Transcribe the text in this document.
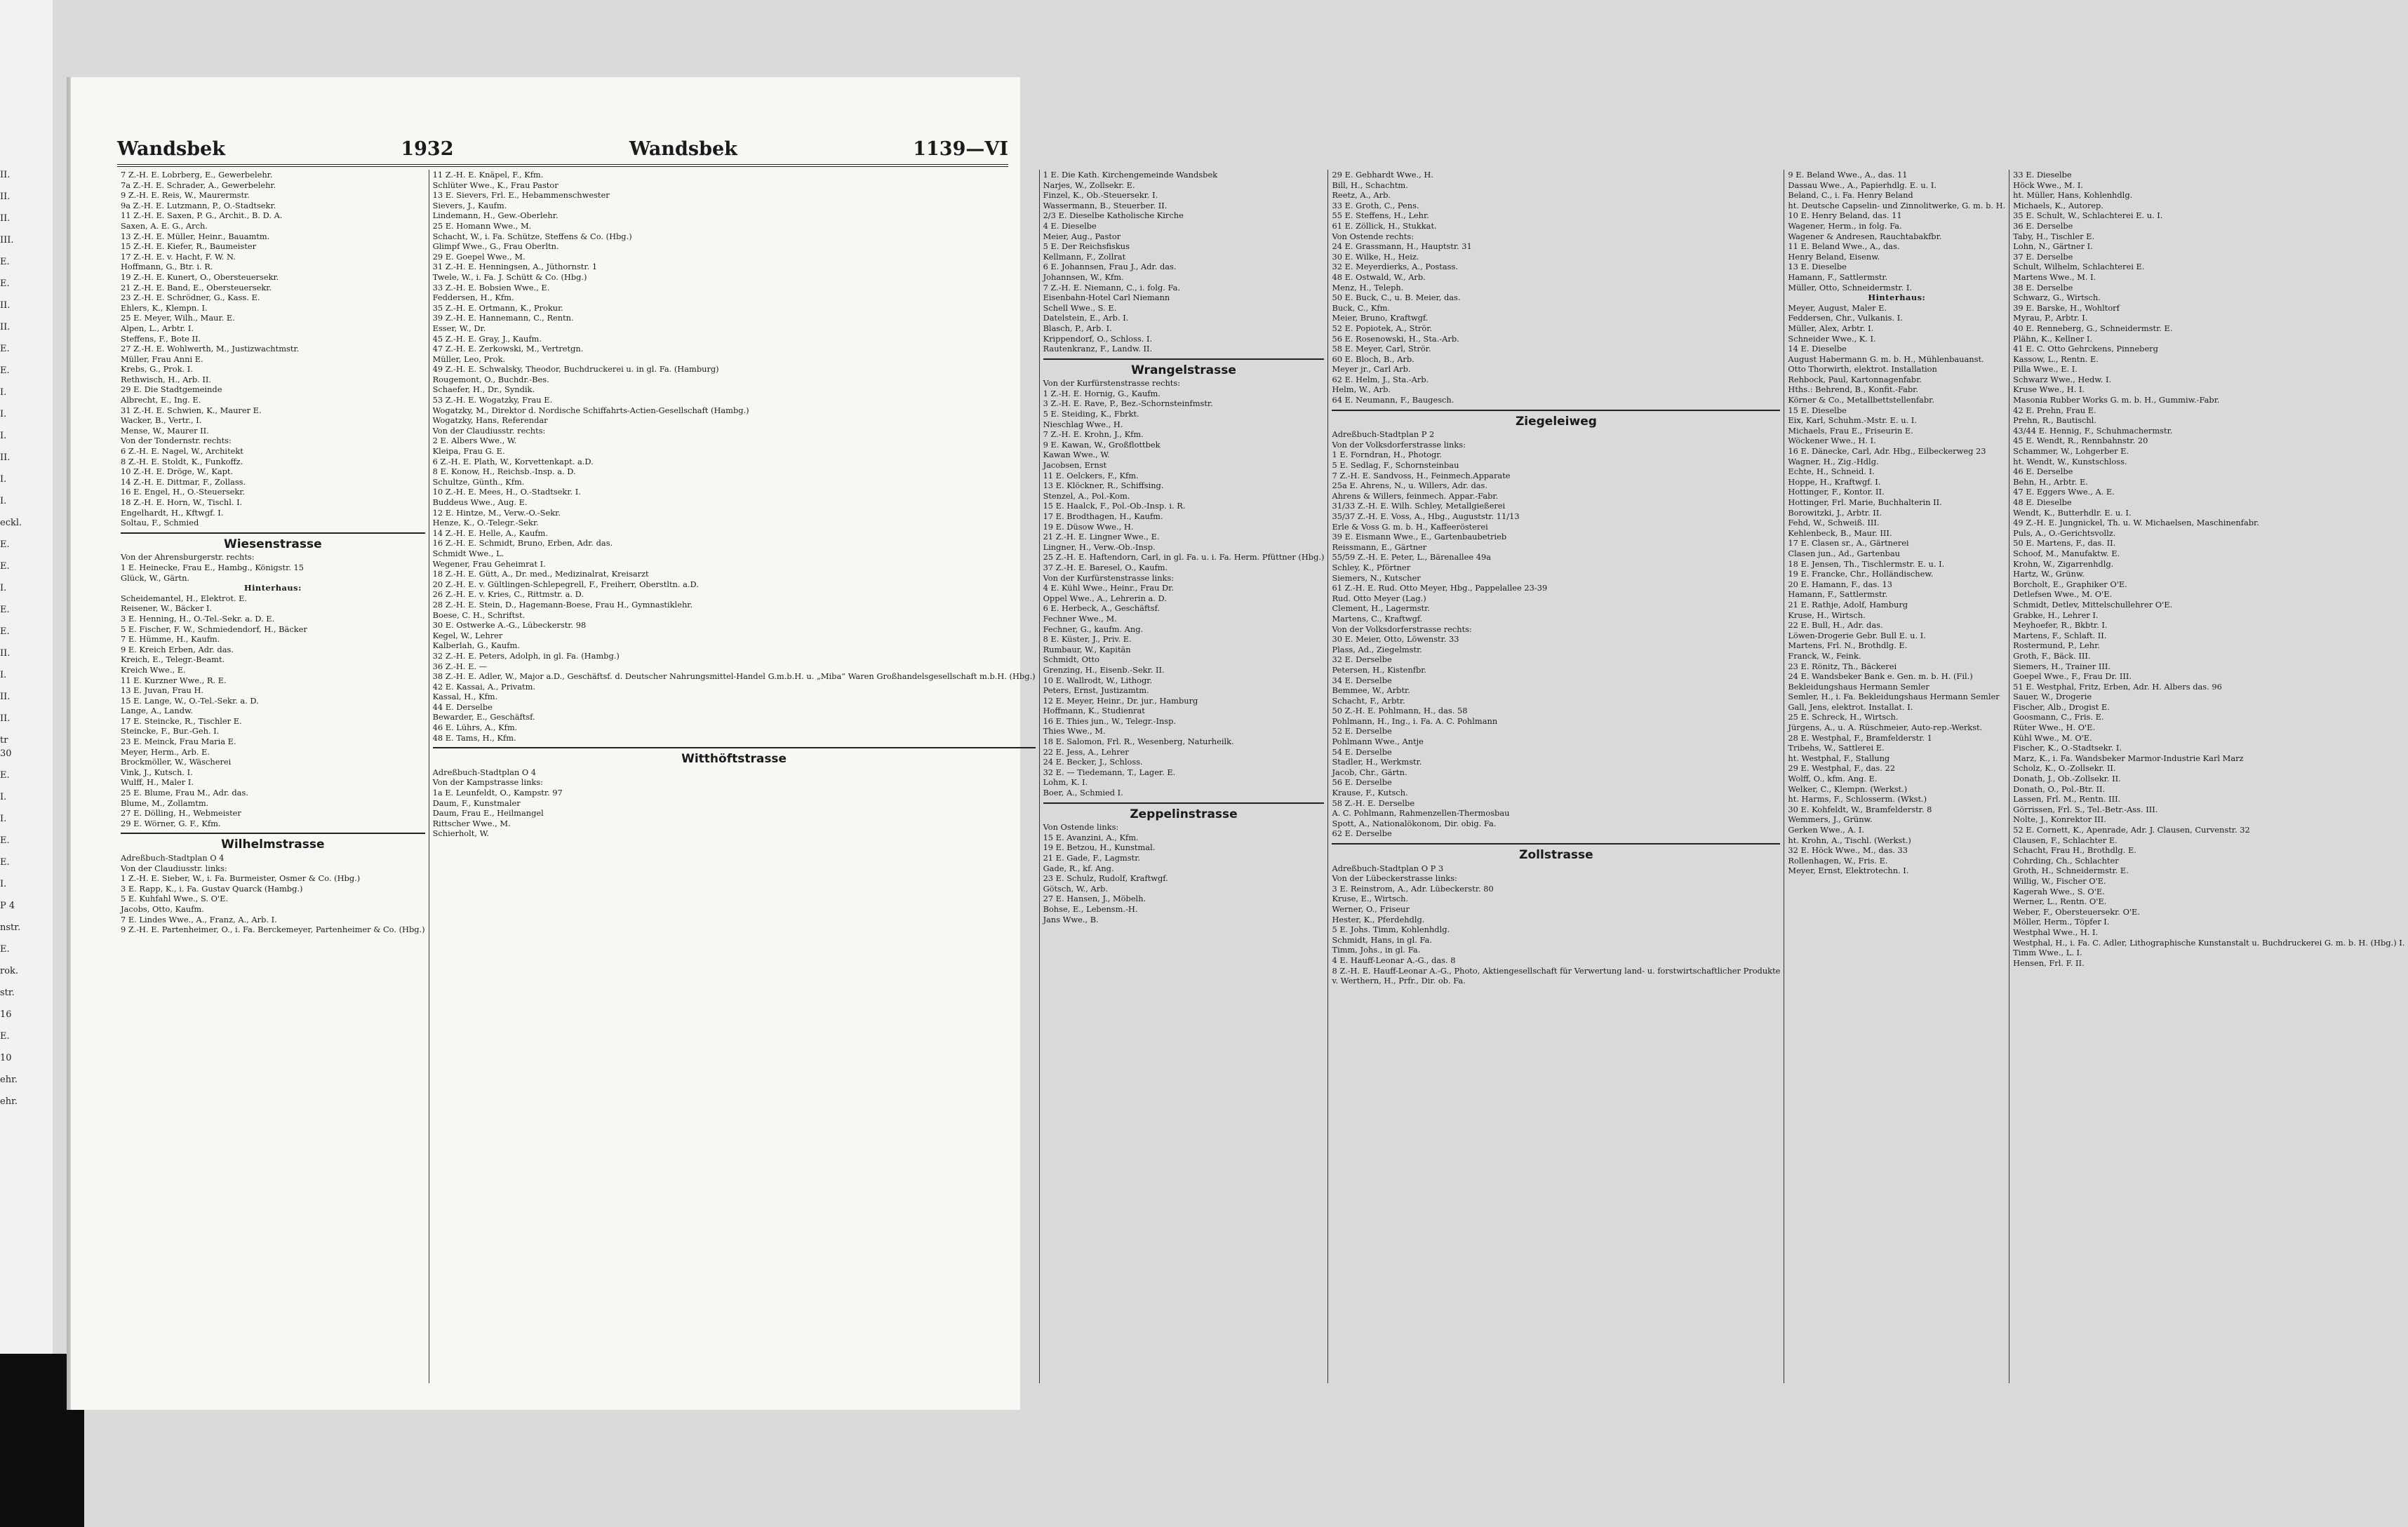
II.
II.
II.
III.
E.
E.
II.
II.
E.
E.
I.
I.
I.
II.
I.
I.
eckl.
E.
E.
I.
E.
E.
II.
I.
II.
II.
tr 30
E.
I.
I.
E.
E.
I.
P 4
nstr.
E.
rok.
str.
16
E.
10
ehr.
ehr.
Wandsbek	1932	Wandsbek	1139—VI
7 Z.-H. E. Lobrberg, E., Gewerbelehr.
7a Z.-H. E. Schrader, A., Gewerbelehr.
9 Z.-H. E. Reis, W., Maurermstr.
9a Z.-H. E. Lutzmann, P., O.-Stadtsekr.
11 Z.-H. E. Saxen, P. G., Archit., B. D. A.
Saxen, A. E. G., Arch.
13 Z.-H. E. Müller, Heinr., Bauamtm.
15 Z.-H. E. Kiefer, R., Baumeister
17 Z.-H. E. v. Hacht, F. W. N.
Hoffmann, G., Btr. i. R.
19 Z.-H. E. Kunert, O., Obersteuersekr.
21 Z.-H. E. Band, E., Obersteuersekr.
23 Z.-H. E. Schrödner, G., Kass. E.
Ehlers, K., Klempn. I.
25 E. Meyer, Wilh., Maur. E.
Alpen, L., Arbtr. I.
Steffens, F., Bote II.
27 Z.-H. E. Wohlwerth, M., Justizwachtmstr.
Müller, Frau Anni E.
Krebs, G., Prok. I.
Rethwisch, H., Arb. II.
29 E. Die Stadtgemeinde
Albrecht, E., Ing. E.
31 Z.-H. E. Schwien, K., Maurer E.
Wacker, B., Vertr., I.
Mense, W., Maurer II.
Von der Tondernstr. rechts:
6 Z.-H. E. Nagel, W., Architekt
8 Z.-H. E. Stoldt, K., Funkoffz.
10 Z.-H. E. Dröge, W., Kapt.
14 Z.-H. E. Dittmar, F., Zollass.
16 E. Engel, H., O.-Steuersekr.
18 Z.-H. E. Horn, W., Tischl. I.
Engelhardt, H., Kftwgf. I.
Soltau, F., Schmied
Wiesenstrasse
Von der Ahrensburgerstr. rechts:
1 E. Heinecke, Frau E., Hambg., Königstr. 15
Glück, W., Gärtn.
Hinterhaus:
Scheidemantel, H., Elektrot. E.
Reisener, W., Bäcker I.
3 E. Henning, H., O.-Tel.-Sekr. a. D. E.
5 E. Fischer, F. W., Schmiedendorf, H., Bäcker
7 E. Hümme, H., Kaufm.
9 E. Kreich Erben, Adr. das.
Kreich, E., Telegr.-Beamt.
Kreich Wwe., E.
11 E. Kurzner Wwe., R. E.
13 E. Juvan, Frau H.
15 E. Lange, W., O.-Tel.-Sekr. a. D.
Lange, A., Landw.
17 E. Steincke, R., Tischler E.
Steincke, F., Bur.-Geh. I.
23 E. Meinck, Frau Maria E.
Meyer, Herm., Arb. E.
Brockmöller, W., Wäscherei
Vink, J., Kutsch. I.
Wulff, H., Maler I.
25 E. Blume, Frau M., Adr. das.
Blume, M., Zollamtm.
27 E. Dölling, H., Webmeister
29 E. Wörner, G. F., Kfm.
Wilhelmstrasse
Adreßbuch-Stadtplan O 4
Von der Claudiusstr. links:
1 Z.-H. E. Sieber, W., i. Fa. Burmeister, Osmer & Co. (Hbg.)
3 E. Rapp, K., i. Fa. Gustav Quarck (Hambg.)
5 E. Kuhfahl Wwe., S. O'E.
Jacobs, Otto, Kaufm.
7 E. Lindes Wwe., A., Franz, A., Arb. I.
9 Z.-H. E. Partenheimer, O., i. Fa. Berckemeyer, Partenheimer & Co. (Hbg.)
11 Z.-H. E. Knäpel, F., Kfm.
Schlüter Wwe., K., Frau Pastor
13 E. Sievers, Frl. E., Hebammenschwester
Sievers, J., Kaufm.
Lindemann, H., Gew.-Oberlehr.
25 E. Homann Wwe., M.
Schacht, W., i. Fa. Schütze, Steffens & Co. (Hbg.)
Glimpf Wwe., G., Frau Oberltn.
29 E. Goepel Wwe., M.
31 Z.-H. E. Henningsen, A., Jüthornstr. 1
Twele, W., i. Fa. J. Schütt & Co. (Hbg.)
33 Z.-H. E. Bobsien Wwe., E.
Feddersen, H., Kfm.
35 Z.-H. E. Ortmann, K., Prokur.
39 Z.-H. E. Hannemann, C., Rentn.
Esser, W., Dr.
45 Z.-H. E. Gray, J., Kaufm.
47 Z.-H. E. Zerkowski, M., Vertretgn.
Müller, Leo, Prok.
49 Z.-H. E. Schwalsky, Theodor, Buchdruckerei u. in gl. Fa. (Hamburg)
Rougemont, O., Buchdr.-Bes.
Schaefer, H., Dr., Syndik.
53 Z.-H. E. Wogatzky, Frau E.
Wogatzky, M., Direktor d. Nordische Schiffahrts-Actien-Gesellschaft (Hambg.)
Wogatzky, Hans, Referendar
Von der Claudiusstr. rechts:
2 E. Albers Wwe., W.
Kleipa, Frau G. E.
6 Z.-H. E. Plath, W., Korvettenkapt. a.D.
8 E. Konow, H., Reichsb.-Insp. a. D.
Schultze, Günth., Kfm.
10 Z.-H. E. Mees, H., O.-Stadtsekr. I.
Buddeus Wwe., Aug. E.
12 E. Hintze, M., Verw.-O.-Sekr.
Henze, K., O.-Telegr.-Sekr.
14 Z.-H. E. Helle, A., Kaufm.
16 Z.-H. E. Schmidt, Bruno, Erben, Adr. das.
Schmidt Wwe., L.
Wegener, Frau Geheimrat I.
18 Z.-H. E. Gütt, A., Dr. med., Medizinalrat, Kreisarzt
20 Z.-H. E. v. Gültlingen-Schlepegrell, F., Freiherr, Oberstltn. a.D.
26 Z.-H. E. v. Kries, C., Rittmstr. a. D.
28 Z.-H. E. Stein, D., Hagemann-Boese, Frau H., Gymnastiklehr.
Boese, C. H., Schriftst.
30 E. Ostwerke A.-G., Lübeckerstr. 98
Kegel, W., Lehrer
Kalberlah, G., Kaufm.
32 Z.-H. E. Peters, Adolph, in gl. Fa. (Hambg.)
36 Z.-H. E. —
38 Z.-H. E. Adler, W., Major a.D., Geschäftsf. d. Deutscher Nahrungsmittel-Handel G.m.b.H. u. „Miba“ Waren Großhandelsgesellschaft m.b.H. (Hbg.)
42 E. Kassai, A., Privatm.
Kassal, H., Kfm.
44 E. Derselbe
Bewarder, E., Geschäftsf.
46 E. Lührs, A., Kfm.
48 E. Tams, H., Kfm.
Witthöftstrasse
Adreßbuch-Stadtplan O 4
Von der Kampstrasse links:
1a E. Leunfeldt, O., Kampstr. 97
Daum, F., Kunstmaler
Daum, Frau E., Heilmangel
Rittscher Wwe., M.
Schierholt, W.
1 E. Die Kath. Kirchengemeinde Wandsbek
Narjes, W., Zollsekr. E.
Finzel, K., Ob.-Steuersekr. I.
Wassermann, B., Steuerber. II.
2/3 E. Dieselbe Katholische Kirche
4 E. Dieselbe
Meier, Aug., Pastor
5 E. Der Reichsfiskus
Kellmann, F., Zollrat
6 E. Johannsen, Frau J., Adr. das.
Johannsen, W., Kfm.
7 Z.-H. E. Niemann, C., i. folg. Fa.
Eisenbahn-Hotel Carl Niemann
Schell Wwe., S. E.
Datelstein, E., Arb. I.
Blasch, P., Arb. I.
Krippendorf, O., Schloss. I.
Rautenkranz, F., Landw. II.
Wrangelstrasse
Von der Kurfürstenstrasse rechts:
1 Z.-H. E. Hornig, G., Kaufm.
3 Z.-H. E. Rave, P., Bez.-Schornsteinfmstr.
5 E. Steiding, K., Fbrkt.
Nieschlag Wwe., H.
7 Z.-H. E. Krohn, J., Kfm.
9 E. Kawan, W., Großflottbek
Kawan Wwe., W.
Jacobsen, Ernst
11 E. Oelckers, F., Kfm.
13 E. Klöckner, R., Schiffsing.
Stenzel, A., Pol.-Kom.
15 E. Haalck, F., Pol.-Ob.-Insp. i. R.
17 E. Brodthagen, H., Kaufm.
19 E. Düsow Wwe., H.
21 Z.-H. E. Lingner Wwe., E.
Lingner, H., Verw.-Ob.-Insp.
25 Z.-H. E. Haftendorn, Carl, in gl. Fa. u. i. Fa. Herm. Pfüttner (Hbg.)
37 Z.-H. E. Baresel, O., Kaufm.
Von der Kurfürstenstrasse links:
4 E. Kühl Wwe., Heinr., Frau Dr.
Oppel Wwe., A., Lehrerin a. D.
6 E. Herbeck, A., Geschäftsf.
Fechner Wwe., M.
Fechner, G., kaufm. Ang.
8 E. Küster, J., Priv. E.
Rumbaur, W., Kapitän
Schmidt, Otto
Grenzing, H., Eisenb.-Sekr. II.
10 E. Wallrodt, W., Lithogr.
Peters, Ernst, Justizamtm.
12 E. Meyer, Heinr., Dr. jur., Hamburg
Hoffmann, K., Studienrat
16 E. Thies jun., W., Telegr.-Insp.
Thies Wwe., M.
18 E. Salomon, Frl. R., Wesenberg, Naturheilk.
22 E. Jess, A., Lehrer
24 E. Becker, J., Schloss.
32 E. — Tiedemann, T., Lager. E.
Lohm, K. I.
Boer, A., Schmied I.
Zeppelinstrasse
Von Ostende links:
15 E. Avanzini, A., Kfm.
19 E. Betzou, H., Kunstmal.
21 E. Gade, F., Lagmstr.
Gade, R., kf. Ang.
23 E. Schulz, Rudolf, Kraftwgf.
Götsch, W., Arb.
27 E. Hansen, J., Möbelh.
Bohse, E., Lebensm.-H.
Jans Wwe., B.
29 E. Gebhardt Wwe., H.
Bill, H., Schachtm.
Reetz, A., Arb.
33 E. Groth, C., Pens.
55 E. Steffens, H., Lehr.
61 E. Zöllick, H., Stukkat.
Von Ostende rechts:
24 E. Grassmann, H., Hauptstr. 31
30 E. Wilke, H., Heiz.
32 E. Meyerdierks, A., Postass.
48 E. Ostwald, W., Arb.
Menz, H., Teleph.
50 E. Buck, C., u. B. Meier, das.
Buck, C., Kfm.
Meier, Bruno, Kraftwgf.
52 E. Popiotek, A., Strör.
56 E. Rosenowski, H., Sta.-Arb.
58 E. Meyer, Carl, Strör.
60 E. Bloch, B., Arb.
Meyer jr., Carl Arb.
62 E. Helm, J., Sta.-Arb.
Helm, W., Arb.
64 E. Neumann, F., Baugesch.
Ziegeleiweg
Adreßbuch-Stadtplan P 2
Von der Volksdorferstrasse links:
1 E. Forndran, H., Photogr.
5 E. Sedlag, F., Schornsteinbau
7 Z.-H. E. Sandvoss, H., Feinmech.Apparate
25a E. Ahrens, N., u. Willers, Adr. das.
Ahrens & Willers, feinmech. Appar.-Fabr.
31/33 Z.-H. E. Wilh. Schley, Metallgießerei
35/37 Z.-H. E. Voss, A., Hbg., Auguststr. 11/13
Erle & Voss G. m. b. H., Kaffeerösterei
39 E. Eismann Wwe., E., Gartenbaubetrieb
Reissmann, E., Gärtner
55/59 Z.-H. E. Peter, L., Bärenallee 49a
Schley, K., Pförtner
Siemers, N., Kutscher
61 Z.-H. E. Rud. Otto Meyer, Hbg., Pappelallee 23-39
Rud. Otto Meyer (Lag.)
Clement, H., Lagermstr.
Martens, C., Kraftwgf.
Von der Volksdorferstrasse rechts:
30 E. Meier, Otto, Löwenstr. 33
Plass, Ad., Ziegelmstr.
32 E. Derselbe
Petersen, H., Kistenfbr.
34 E. Derselbe
Bemmee, W., Arbtr.
Schacht, F., Arbtr.
50 Z.-H. E. Pohlmann, H., das. 58
Pohlmann, H., Ing., i. Fa. A. C. Pohlmann
52 E. Derselbe
Pohlmann Wwe., Antje
54 E. Derselbe
Stadler, H., Werkmstr.
Jacob, Chr., Gärtn.
56 E. Derselbe
Krause, F., Kutsch.
58 Z.-H. E. Derselbe
A. C. Pohlmann, Rahmenzellen-Thermosbau
Spott, A., Nationalökonom, Dir. obig. Fa.
62 E. Derselbe
Zollstrasse
Adreßbuch-Stadtplan O P 3
Von der Lübeckerstrasse links:
3 E. Reinstrom, A., Adr. Lübeckerstr. 80
Kruse, E., Wirtsch.
Werner, O., Friseur
Hester, K., Pferdehdlg.
5 E. Johs. Timm, Kohlenhdlg.
Schmidt, Hans, in gl. Fa.
Timm, Johs., in gl. Fa.
4 E. Hauff-Leonar A.-G., das. 8
8 Z.-H. E. Hauff-Leonar A.-G., Photo, Aktiengesellschaft für Verwertung land- u. forstwirtschaftlicher Produkte
v. Werthern, H., Prfr., Dir. ob. Fa.
9 E. Beland Wwe., A., das. 11
Dassau Wwe., A., Papierhdlg. E. u. I.
Beland, C., i. Fa. Henry Beland
ht. Deutsche Capselin- und Zinnolitwerke, G. m. b. H.
10 E. Henry Beland, das. 11
Wagener, Herm., in folg. Fa.
Wagener & Andresen, Rauchtabakfbr.
11 E. Beland Wwe., A., das.
Henry Beland, Eisenw.
13 E. Dieselbe
Hamann, F., Sattlermstr.
Müller, Otto, Schneidermstr. I.
Hinterhaus:
Meyer, August, Maler E.
Feddersen, Chr., Vulkanis. I.
Müller, Alex, Arbtr. I.
Schneider Wwe., K. I.
14 E. Dieselbe
August Habermann G. m. b. H., Mühlenbauanst.
Otto Thorwirth, elektrot. Installation
Rehbock, Paul, Kartonnagenfabr.
Hths.: Behrend, B., Konfit.-Fabr.
Körner & Co., Metallbettstellenfabr.
15 E. Dieselbe
Eix, Karl, Schuhm.-Mstr. E. u. I.
Michaels, Frau E., Friseurin E.
Wöckener Wwe., H. I.
16 E. Dänecke, Carl, Adr. Hbg., Eilbeckerweg 23
Wagner, H., Zig.-Hdlg.
Echte, H., Schneid. I.
Hoppe, H., Kraftwgf. I.
Hottinger, F., Kontor. II.
Hottinger, Frl. Marie, Buchhalterin II.
Borowitzki, J., Arbtr. II.
Fehd, W., Schweiß. III.
Kehlenbeck, B., Maur. III.
17 E. Clasen sr., A., Gärtnerei
Clasen jun., Ad., Gartenbau
18 E. Jensen, Th., Tischlermstr. E. u. I.
19 E. Francke, Chr., Holländischew.
20 E. Hamann, F., das. 13
Hamann, F., Sattlermstr.
21 E. Rathje, Adolf, Hamburg
Kruse, H., Wirtsch.
22 E. Bull, H., Adr. das.
Löwen-Drogerie Gebr. Bull E. u. I.
Martens, Frl. N., Brothdlg. E.
Franck, W., Feink.
23 E. Rönitz, Th., Bäckerei
24 E. Wandsbeker Bank e. Gen. m. b. H. (Fil.)
Bekleidungshaus Hermann Semler
Semler, H., i. Fa. Bekleidungshaus Hermann Semler
Gall, Jens, elektrot. Installat. I.
25 E. Schreck, H., Wirtsch.
Jürgens, A., u. A. Rüschmeier, Auto-rep.-Werkst.
28 E. Westphal, F., Bramfelderstr. 1
Tribehs, W., Sattlerei E.
ht. Westphal, F., Stallung
29 E. Westphal, F., das. 22
Wolff, O., kfm. Ang. E.
Welker, C., Klempn. (Werkst.)
ht. Harms, F., Schlosserm. (Wkst.)
30 E. Kohfeldt, W., Bramfelderstr. 8
Wemmers, J., Grünw.
Gerken Wwe., A. I.
ht. Krohn, A., Tischl. (Werkst.)
32 E. Höck Wwe., M., das. 33
Rollenhagen, W., Fris. E.
Meyer, Ernst, Elektrotechn. I.
33 E. Dieselbe
Höck Wwe., M. I.
ht. Müller, Hans, Kohlenhdlg.
Michaels, K., Autorep.
35 E. Schult, W., Schlachterei E. u. I.
36 E. Derselbe
Taby, H., Tischler E.
Lohn, N., Gärtner I.
37 E. Derselbe
Schult, Wilhelm, Schlachterei E.
Martens Wwe., M. I.
38 E. Derselbe
Schwarz, G., Wirtsch.
39 E. Barske, H., Wohltorf
Myrau, P., Arbtr. I.
40 E. Renneberg, G., Schneidermstr. E.
Plähn, K., Kellner I.
41 E. C. Otto Gehrckens, Pinneberg
Kassow, L., Rentn. E.
Pilla Wwe., E. I.
Schwarz Wwe., Hedw. I.
Kruse Wwe., H. I.
Masonia Rubber Works G. m. b. H., Gummiw.-Fabr.
42 E. Prehn, Frau E.
Prehn, R., Bautischl.
43/44 E. Hennig, F., Schuhmachermstr.
45 E. Wendt, R., Rennbahnstr. 20
Schammer, W., Lohgerber E.
ht. Wendt, W., Kunstschloss.
46 E. Derselbe
Behn, H., Arbtr. E.
47 E. Eggers Wwe., A. E.
48 E. Dieselbe
Wendt, K., Butterhdlr. E. u. I.
49 Z.-H. E. Jungnickel, Th. u. W. Michaelsen, Maschinenfabr.
Puls, A., O.-Gerichtsvollz.
50 E. Martens, F., das. II.
Schoof, M., Manufaktw. E.
Krohn, W., Zigarrenhdlg.
Hartz, W., Grünw.
Borcholt, E., Graphiker O'E.
Detlefsen Wwe., M. O'E.
Schmidt, Detlev, Mittelschullehrer O'E.
Grabke, H., Lehrer I.
Meyhoefer, R., Bkbtr. I.
Martens, F., Schlaft. II.
Rostermund, P., Lehr.
Groth, F., Bäck. III.
Siemers, H., Trainer III.
Goepel Wwe., F., Frau Dr. III.
51 E. Westphal, Fritz, Erben, Adr. H. Albers das. 96
Sauer, W., Drogerie
Fischer, Alb., Drogist E.
Goosmann, C., Fris. E.
Rüter Wwe., H. O'E.
Kühl Wwe., M. O'E.
Fischer, K., O.-Stadtsekr. I.
Marz, K., i. Fa. Wandsbeker Marmor-Industrie Karl Marz
Scholz, K., O.-Zollsekr. II.
Donath, J., Ob.-Zollsekr. II.
Donath, O., Pol.-Btr. II.
Lassen, Frl. M., Rentn. III.
Görrissen, Frl. S., Tel.-Betr.-Ass. III.
Nolte, J., Konrektor III.
52 E. Cornett, K., Apenrade, Adr. J. Clausen, Curvenstr. 32
Clausen, F., Schlachter E.
Schacht, Frau H., Brothdlg. E.
Cohrding, Ch., Schlachter
Groth, H., Schneidermstr. E.
Willig, W., Fischer O'E.
Kagerah Wwe., S. O'E.
Werner, L., Rentn. O'E.
Weber, F., Obersteuersekr. O'E.
Möller, Herm., Töpfer I.
Westphal Wwe., H. I.
Westphal, H., i. Fa. C. Adler, Lithographische Kunstanstalt u. Buchdruckerei G. m. b. H. (Hbg.) I.
Timm Wwe., L. I.
Hensen, Frl. F. II.
